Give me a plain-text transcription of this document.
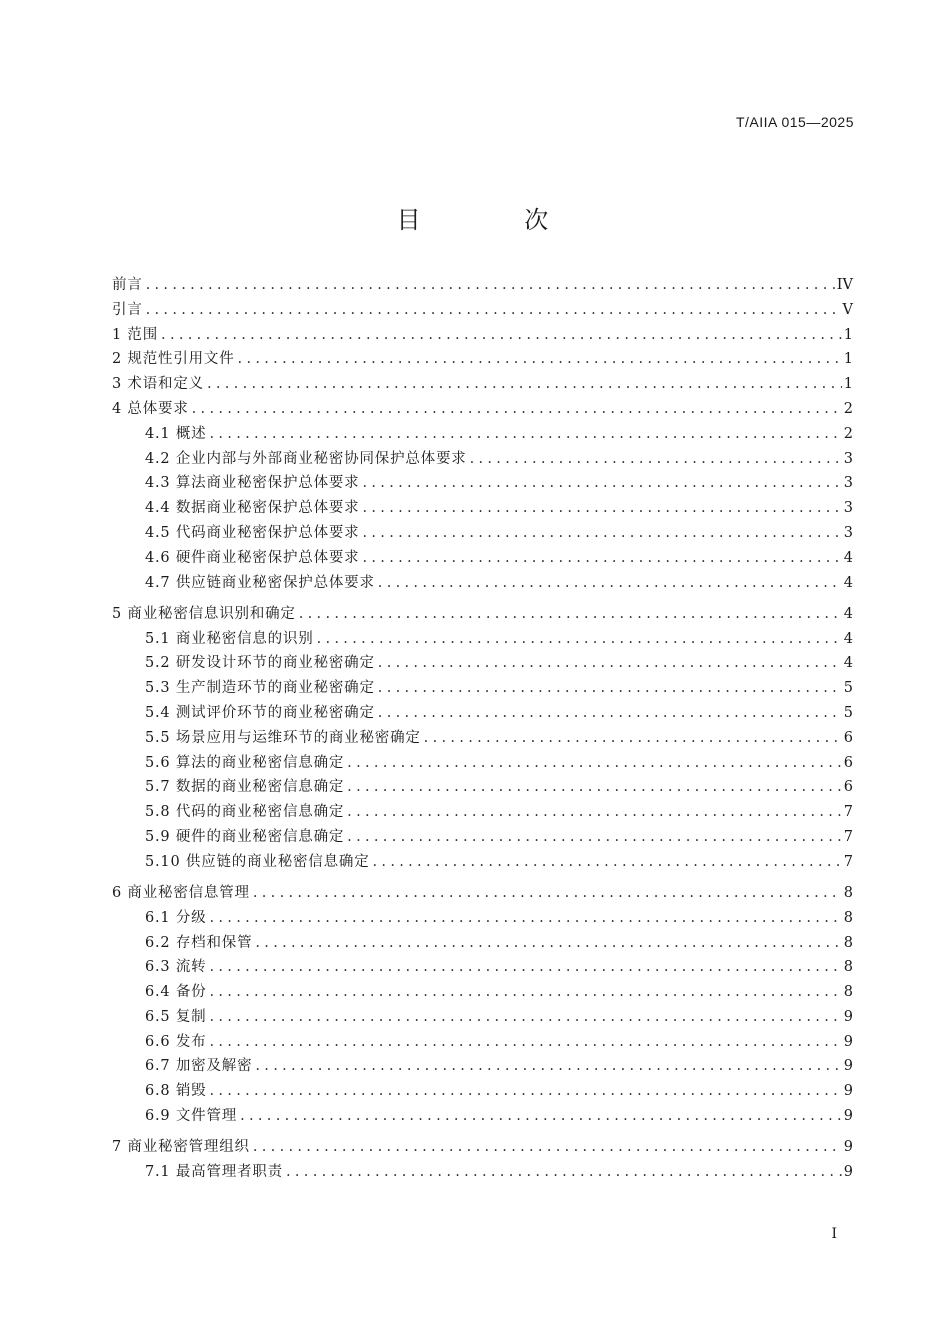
T/AIIA 015—2025
目 次
前言 .....	IV
引言 .....	V
1 范围 .....	1
2 规范性引用文件 .....	1
3 术语和定义 .....	1
4 总体要求 .....	2
4.1 概述 .....	2
4.2 企业内部与外部商业秘密协同保护总体要求 .....	3
4.3 算法商业秘密保护总体要求 .....	3
4.4 数据商业秘密保护总体要求 .....	3
4.5 代码商业秘密保护总体要求 .....	3
4.6 硬件商业秘密保护总体要求 .....	4
4.7 供应链商业秘密保护总体要求 .....	4
5 商业秘密信息识别和确定 .....	4
5.1 商业秘密信息的识别 .....	4
5.2 研发设计环节的商业秘密确定 .....	4
5.3 生产制造环节的商业秘密确定 .....	5
5.4 测试评价环节的商业秘密确定 .....	5
5.5 场景应用与运维环节的商业秘密确定 .....	6
5.6 算法的商业秘密信息确定 .....	6
5.7 数据的商业秘密信息确定 .....	6
5.8 代码的商业秘密信息确定 .....	7
5.9 硬件的商业秘密信息确定 .....	7
5.10 供应链的商业秘密信息确定 .....	7
6 商业秘密信息管理 .....	8
6.1 分级 .....	8
6.2 存档和保管 .....	8
6.3 流转 .....	8
6.4 备份 .....	8
6.5 复制 .....	9
6.6 发布 .....	9
6.7 加密及解密 .....	9
6.8 销毁 .....	9
6.9 文件管理 .....	9
7 商业秘密管理组织 .....	9
7.1 最高管理者职责 .....	9
I
